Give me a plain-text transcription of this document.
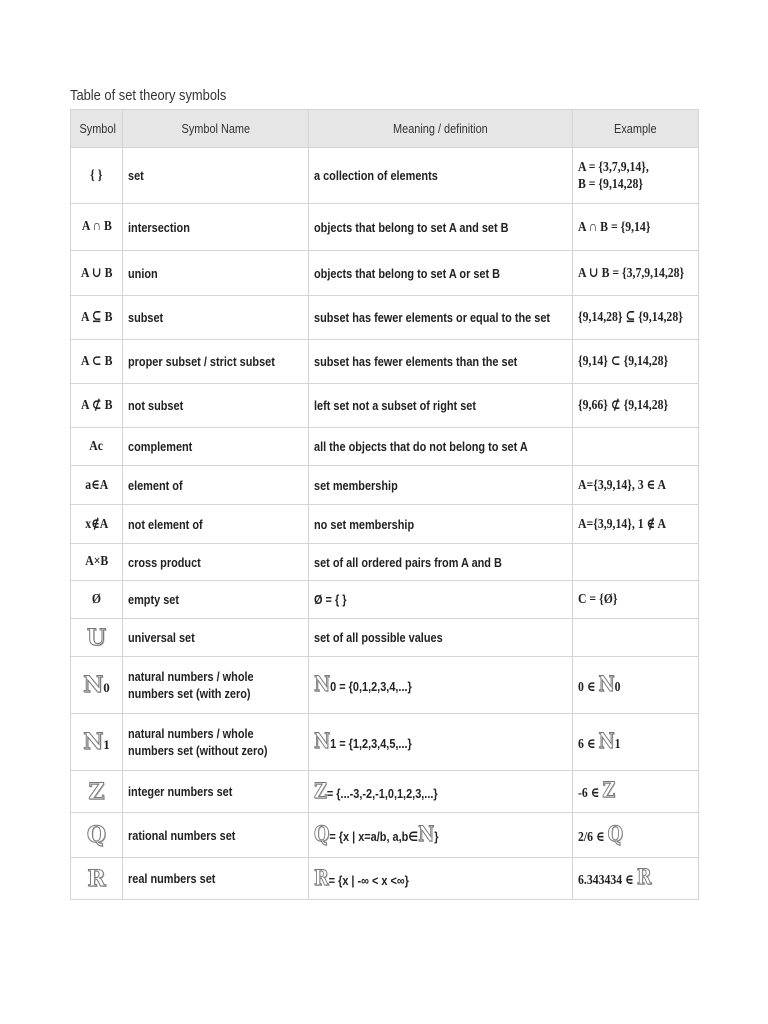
Table of set theory symbols
Symbol	Symbol Name	Meaning / definition	Example
{ }	set	a collection of elements	A = {3,7,9,14},
B = {9,14,28}
A ∩ B	intersection	objects that belong to set A and set B	A ∩ B = {9,14}
A ∪ B	union	objects that belong to set A or set B	A ∪ B = {3,7,9,14,28}
A ⊆ B	subset	subset has fewer elements or equal to the set	{9,14,28} ⊆ {9,14,28}
A ⊂ B	proper subset / strict subset	subset has fewer elements than the set	{9,14} ⊂ {9,14,28}
A ⊄ B	not subset	left set not a subset of right set	{9,66} ⊄ {9,14,28}
Ac	complement	all the objects that do not belong to set A	
a∈A	element of	set membership	A={3,9,14}, 3 ∈ A
x∉A	not element of	no set membership	A={3,9,14}, 1 ∉ A
A×B	cross product	set of all ordered pairs from A and B	
Ø	empty set	Ø = { }	C = {Ø}
U	universal set	set of all possible values	
N0	natural numbers / whole numbers set (with zero)	N0 = {0,1,2,3,4,...}	0 ∈ N0
N1	natural numbers / whole numbers set (without zero)	N1 = {1,2,3,4,5,...}	6 ∈ N1
Z	integer numbers set	Z= {...-3,-2,-1,0,1,2,3,...}	-6 ∈ Z
Q	rational numbers set	Q= {x | x=a/b, a,b∈N}	2/6 ∈ Q
R	real numbers set	R= {x | -∞ < x <∞}	6.343434 ∈ R
